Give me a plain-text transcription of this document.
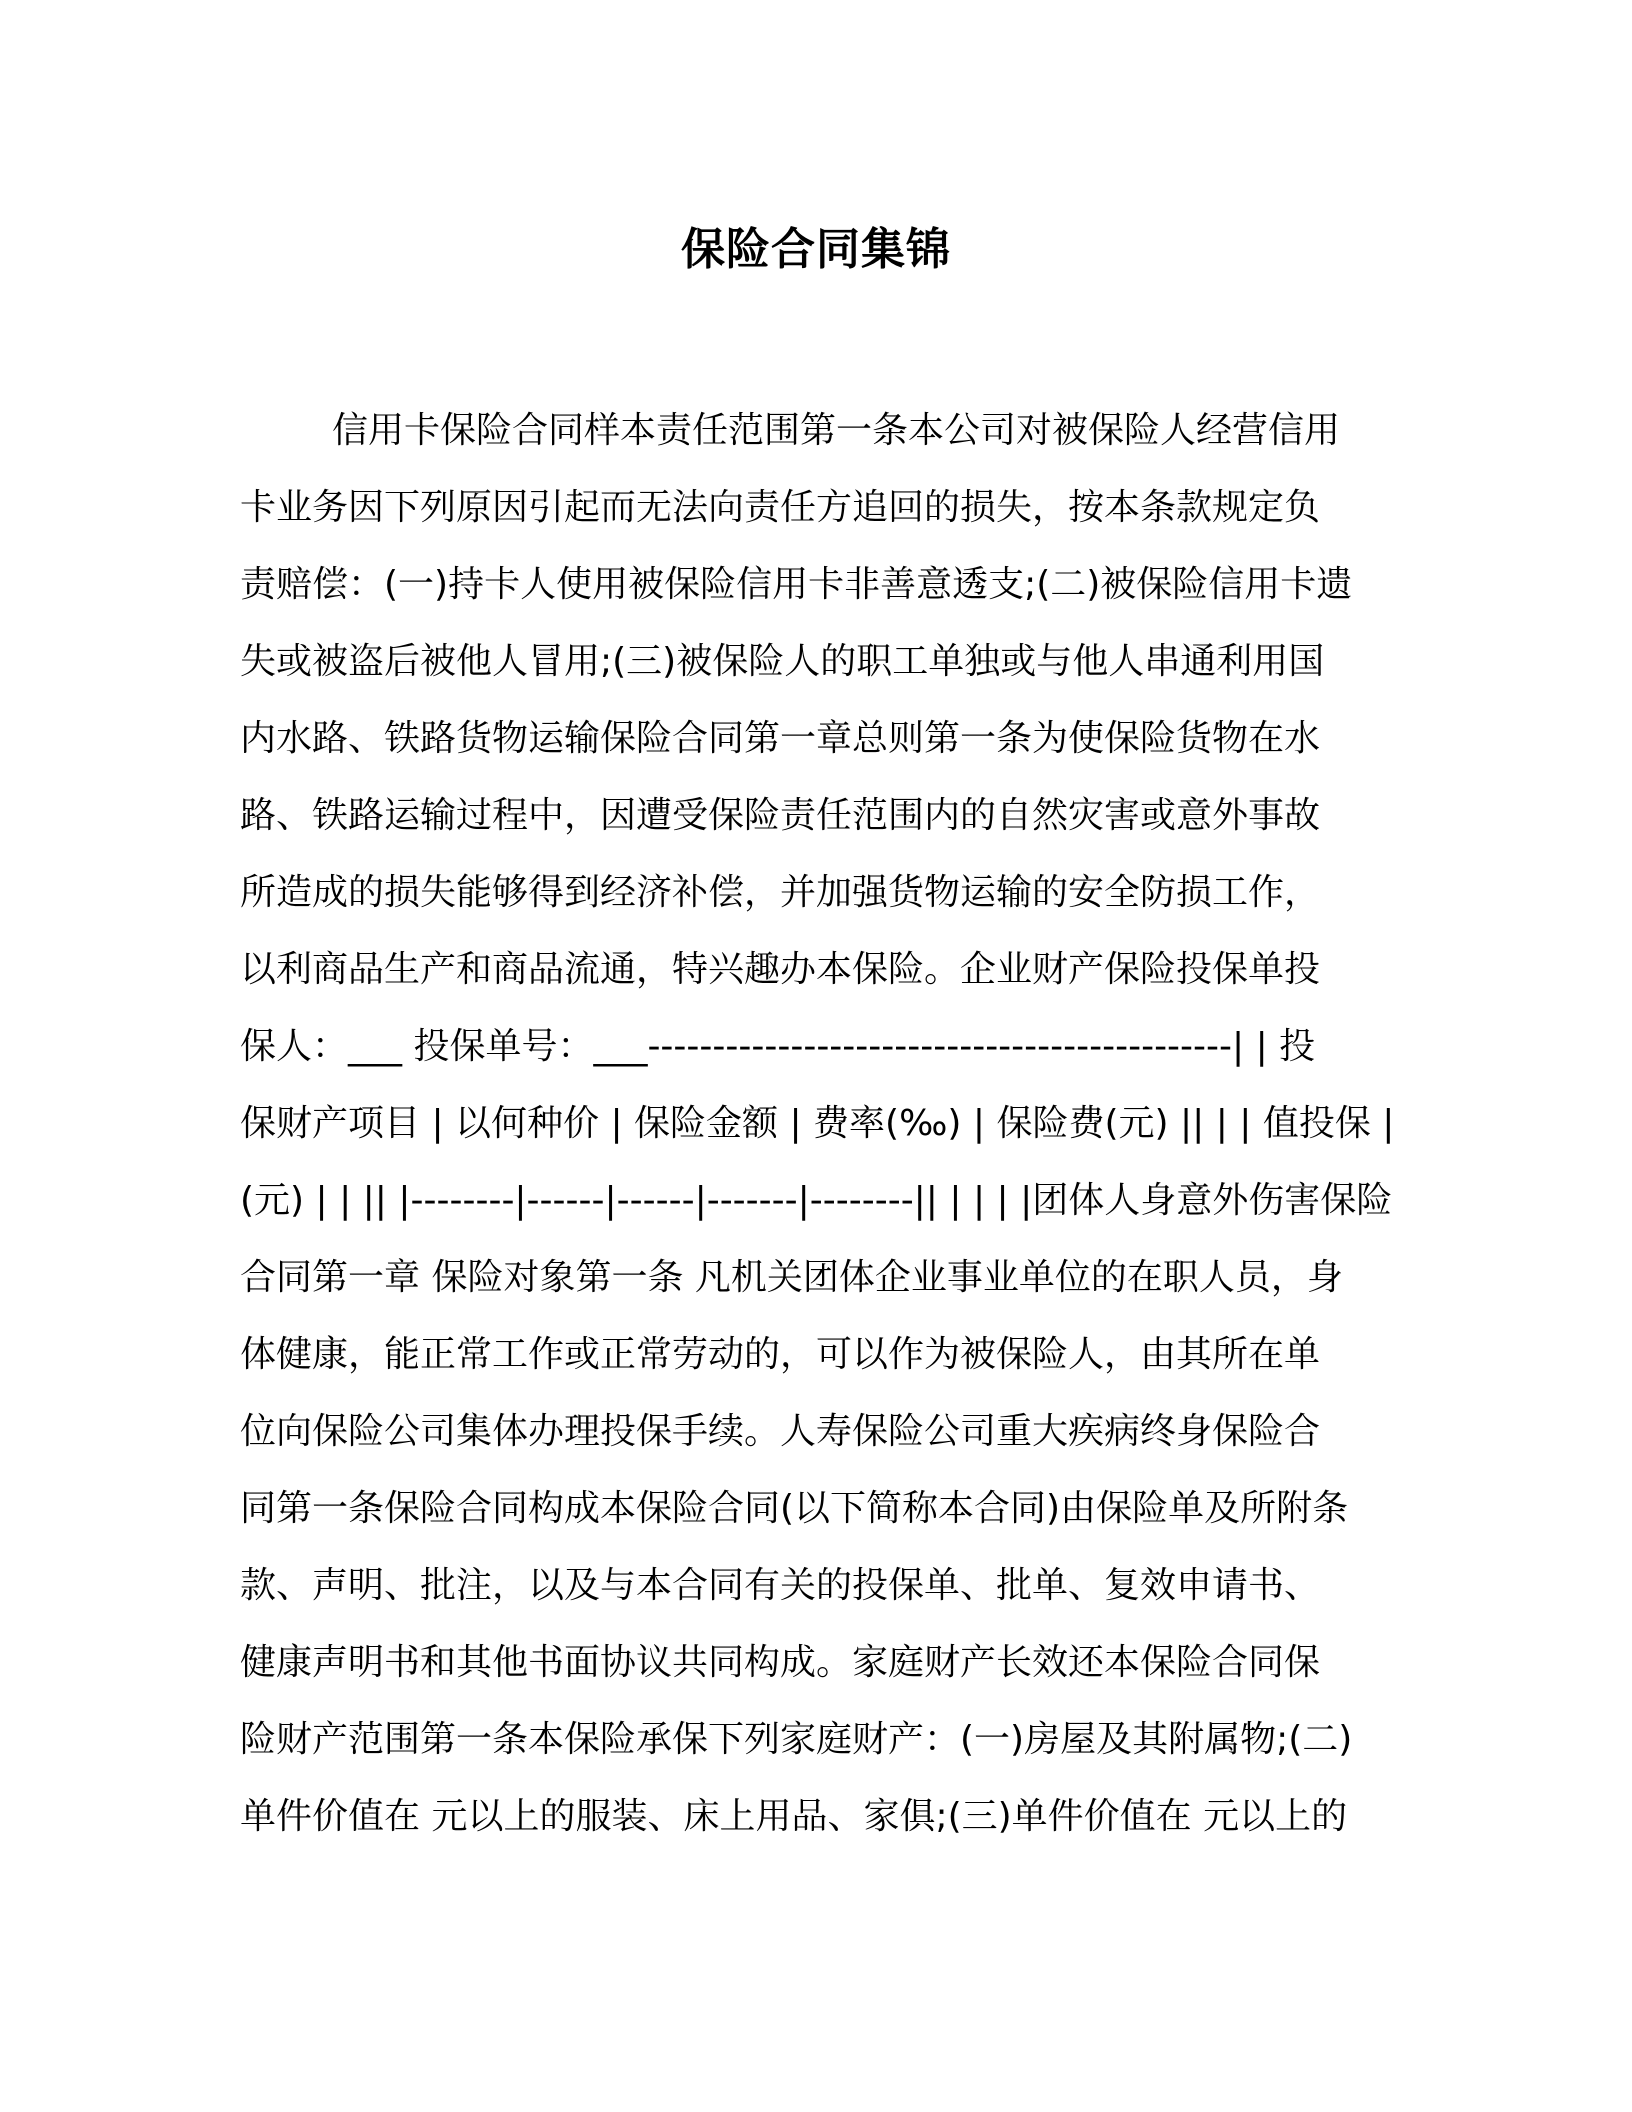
保险合同集锦
信用卡保险合同样本责任范围第一条本公司对被保险人经营信用
卡业务因下列原因引起而无法向责任方追回的损失，按本条款规定负
责赔偿：(一)持卡人使用被保险信用卡非善意透支;(二)被保险信用卡遗
失或被盗后被他人冒用;(三)被保险人的职工单独或与他人串通利用国
内水路、铁路货物运输保险合同第一章总则第一条为使保险货物在水
路、铁路运输过程中，因遭受保险责任范围内的自然灾害或意外事故
所造成的损失能够得到经济补偿，并加强货物运输的安全防损工作，
以利商品生产和商品流通，特兴趣办本保险。企业财产保险投保单投
保人：___ 投保单号：___---------------------------------------------| | 投
保财产项目 | 以何种价 | 保险金额 | 费率(‰) | 保险费(元) || | | 值投保 |
(元) | | || |--------|------|------|-------|--------|| | | | |团体人身意外伤害保险
合同第一章 保险对象第一条 凡机关团体企业事业单位的在职人员，身
体健康，能正常工作或正常劳动的，可以作为被保险人，由其所在单
位向保险公司集体办理投保手续。人寿保险公司重大疾病终身保险合
同第一条保险合同构成本保险合同(以下简称本合同)由保险单及所附条
款、声明、批注，以及与本合同有关的投保单、批单、复效申请书、
健康声明书和其他书面协议共同构成。家庭财产长效还本保险合同保
险财产范围第一条本保险承保下列家庭财产：(一)房屋及其附属物;(二)
单件价值在 元以上的服装、床上用品、家俱;(三)单件价值在 元以上的
